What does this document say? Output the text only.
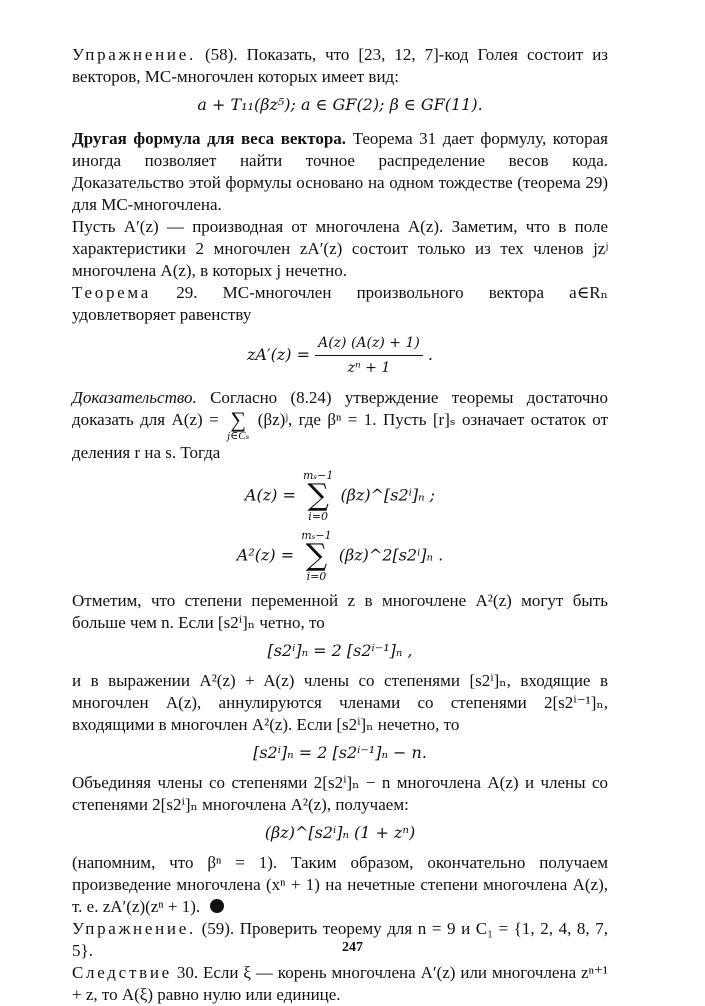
Упражнение. (58). Показать, что [23, 12, 7]-код Голея состоит из векторов, МС-многочлен которых имеет вид:

a + T₁₁(βz⁵); a ∈ GF(2); β ∈ GF(11).

Другая формула для веса вектора. Теорема 31 дает формулу, которая иногда позволяет найти точное распределение весов кода. Доказательство этой формулы основано на одном тождестве (теорема 29) для МС-многочлена.

Пусть A′(z) — производная от многочлена A(z). Заметим, что в поле характеристики 2 многочлен zA′(z) состоит только из тех членов jzʲ многочлена A(z), в которых j нечетно.

Теорема 29. МС-многочлен произвольного вектора a∈Rₙ удовлетворяет равенству

$zA'(z) = \frac{A(z) (A(z) + 1)}{\text{zⁿ + 1}}$ .

Доказательство. Согласно (8.24) утверждение теоремы достаточно доказать для A(z) = ∑
j∈Cₛ
(βz)ʲ, где βⁿ = 1. Пусть [r]ₛ означает остаток от деления r на s. Тогда

A(z) =
mₛ−1
∑
i=0
(βz)^[s2ⁱ]ₙ ;
A²(z) =
mₛ−1
∑
i=0
(βz)^2[s2ⁱ]ₙ .

Отметим, что степени переменной z в многочлене A²(z) могут быть больше чем n. Если [s2ⁱ]ₙ четно, то

[s2ⁱ]ₙ = 2 [s2ⁱ⁻¹]ₙ ,

и в выражении A²(z) + A(z) члены со степенями [s2ⁱ]ₙ, входящие в многочлен A(z), аннулируются членами со степенями 2[s2ⁱ⁻¹]ₙ, входящими в многочлен A²(z). Если [s2ⁱ]ₙ нечетно, то

[s2ⁱ]ₙ = 2 [s2ⁱ⁻¹]ₙ − n.

Объединяя члены со степенями 2[s2ⁱ]ₙ − n многочлена A(z) и члены со степенями 2[s2ⁱ]ₙ многочлена A²(z), получаем:

(βz)^[s2ⁱ]ₙ (1 + zⁿ)

(напомним, что βⁿ = 1). Таким образом, окончательно получаем произведение многочлена (xⁿ + 1) на нечетные степени многочлена A(z), т. е. zA′(z)(zⁿ + 1).

Упражнение. (59). Проверить теорему для n = 9 и C₁ = {1, 2, 4, 8, 7, 5}.

Следствие 30. Если ξ — корень многочлена A′(z) или многочлена zⁿ⁺¹ + z, то A(ξ) равно нулю или единице.

247
